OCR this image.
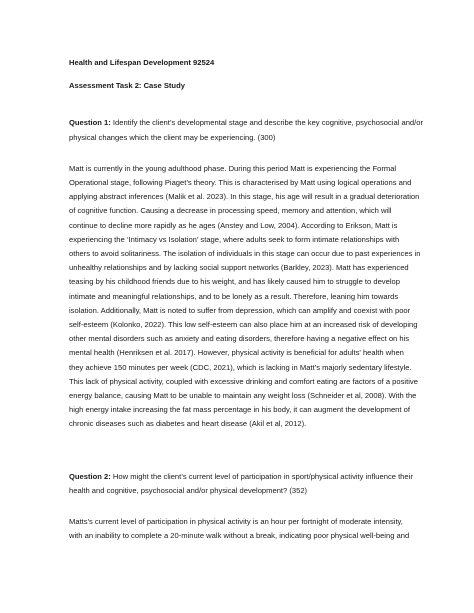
Health and Lifespan Development 92524

Assessment Task 2: Case Study

Question 1: Identify the client’s developmental stage and describe the key cognitive, psychosocial and/or
physical changes which the client may be experiencing. (300)

Matt is currently in the young adulthood phase. During this period Matt is experiencing the Formal
Operational stage, following Piaget’s theory. This is characterised by Matt using logical operations and
applying abstract inferences (Malik et al. 2023). In this stage, his age will result in a gradual deterioration
of cognitive function. Causing a decrease in processing speed, memory and attention, which will
continue to decline more rapidly as he ages (Anstey and Low, 2004). According to Erikson, Matt is
experiencing the ‘Intimacy vs Isolation’ stage, where adults seek to form intimate relationships with
others to avoid solitariness. The isolation of individuals in this stage can occur due to past experiences in
unhealthy relationships and by lacking social support networks (Barkley, 2023). Matt has experienced
teasing by his childhood friends due to his weight, and has likely caused him to struggle to develop
intimate and meaningful relationships, and to be lonely as a result. Therefore, leaning him towards
isolation. Additionally, Matt is noted to suffer from depression, which can amplify and coexist with poor
self-esteem (Kolonko, 2022). This low self-esteem can also place him at an increased risk of developing
other mental disorders such as anxiety and eating disorders, therefore having a negative effect on his
mental health (Henriksen et al. 2017). However, physical activity is beneficial for adults' health when
they achieve 150 minutes per week (CDC, 2021), which is lacking in Matt’s majorly sedentary lifestyle.
This lack of physical activity, coupled with excessive drinking and comfort eating are factors of a positive
energy balance, causing Matt to be unable to maintain any weight loss (Schneider et al, 2008). With the
high energy intake increasing the fat mass percentage in his body, it can augment the development of
chronic diseases such as diabetes and heart disease (Akil et al, 2012).

Question 2: How might the client’s current level of participation in sport/physical activity influence their
health and cognitive, psychosocial and/or physical development? (352)

Matts's current level of participation in physical activity is an hour per fortnight of moderate intensity,
with an inability to complete a 20-minute walk without a break, indicating poor physical well-being and
